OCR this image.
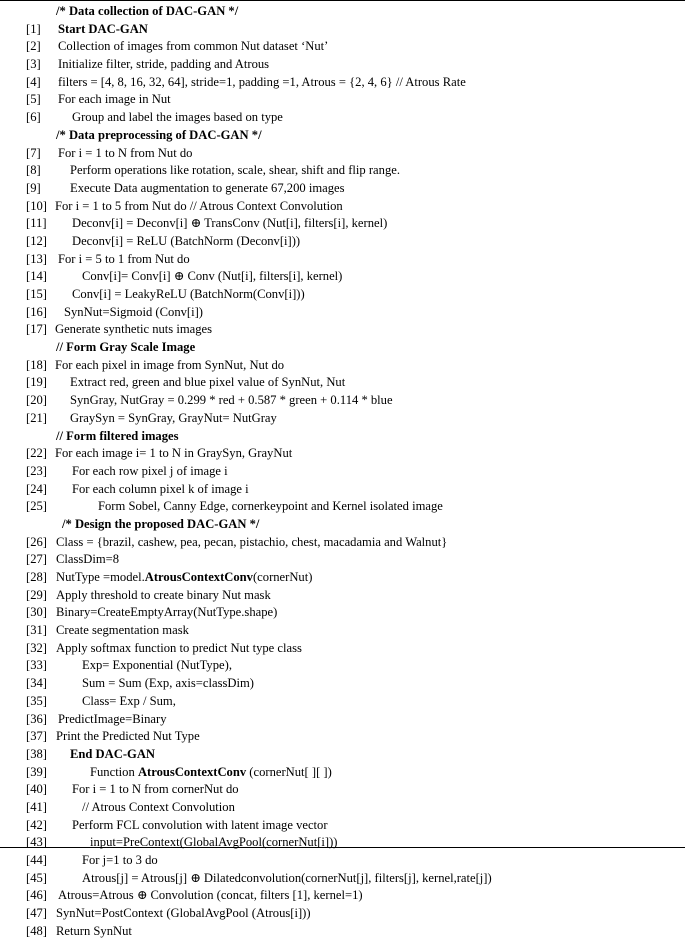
/* Data collection of DAC-GAN */
[1] Start DAC-GAN
[2] Collection of images from common Nut dataset ‘Nut’
[3] Initialize filter, stride, padding and Atrous
[4] filters = [4, 8, 16, 32, 64], stride=1, padding =1, Atrous = {2, 4, 6} // Atrous Rate
[5] For each image in Nut
[6] Group and label the images based on type
/* Data preprocessing of DAC-GAN */
[7] For i = 1 to N from Nut do
[8] Perform operations like rotation, scale, shear, shift and flip range.
[9] Execute Data augmentation to generate 67,200 images
[10] For i = 1 to 5 from Nut do // Atrous Context Convolution
[11] Deconv[i] = Deconv[i] ⊕ TransConv (Nut[i], filters[i], kernel)
[12] Deconv[i] = ReLU (BatchNorm (Deconv[i]))
[13] For i = 5 to 1 from Nut do
[14]	Conv[i]= Conv[i] ⊕ Conv (Nut[i], filters[i], kernel)
[15] Conv[i] = LeakyReLU (BatchNorm(Conv[i]))
[16] SynNut=Sigmoid (Conv[i])
[17] Generate synthetic nuts images
// Form Gray Scale Image
[18] For each pixel in image from SynNut, Nut do
[19] Extract red, green and blue pixel value of SynNut, Nut
[20] SynGray, NutGray = 0.299 * red + 0.587 * green + 0.114 * blue
[21] GraySyn = SynGray, GrayNut= NutGray
// Form filtered images
[22] For each image i= 1 to N in GraySyn, GrayNut
[23] For each row pixel j of image i
[24] For each column pixel k of image i
[25]	Form Sobel, Canny Edge, cornerkeypoint and Kernel isolated image
/* Design the proposed DAC-GAN */
[26] Class = {brazil, cashew, pea, pecan, pistachio, chest, macadamia and Walnut}
[27] ClassDim=8
[28] NutType =model.AtrousContextConv(cornerNut)
[29] Apply threshold to create binary Nut mask
[30] Binary=CreateEmptyArray(NutType.shape)
[31] Create segmentation mask
[32] Apply softmax function to predict Nut type class
[33]	Exp= Exponential (NutType),
[34]	Sum = Sum (Exp, axis=classDim)
[35]	Class= Exp / Sum,
[36] PredictImage=Binary
[37] Print the Predicted Nut Type
[38] End DAC-GAN
[39]	Function AtrousContextConv (cornerNut[ ][ ])
[40] For i = 1 to N from cornerNut do
[41]	// Atrous Context Convolution
[42] Perform FCL convolution with latent image vector
[43]	input=PreContext(GlobalAvgPool(cornerNut[i]))
[44]	For j=1 to 3 do
[45]	Atrous[j] = Atrous[j] ⊕ Dilatedconvolution(cornerNut[j], filters[j], kernel,rate[j])
[46] Atrous=Atrous ⊕ Convolution (concat, filters [1], kernel=1)
[47] SynNut=PostContext (GlobalAvgPool (Atrous[i]))
[48] Return SynNut
